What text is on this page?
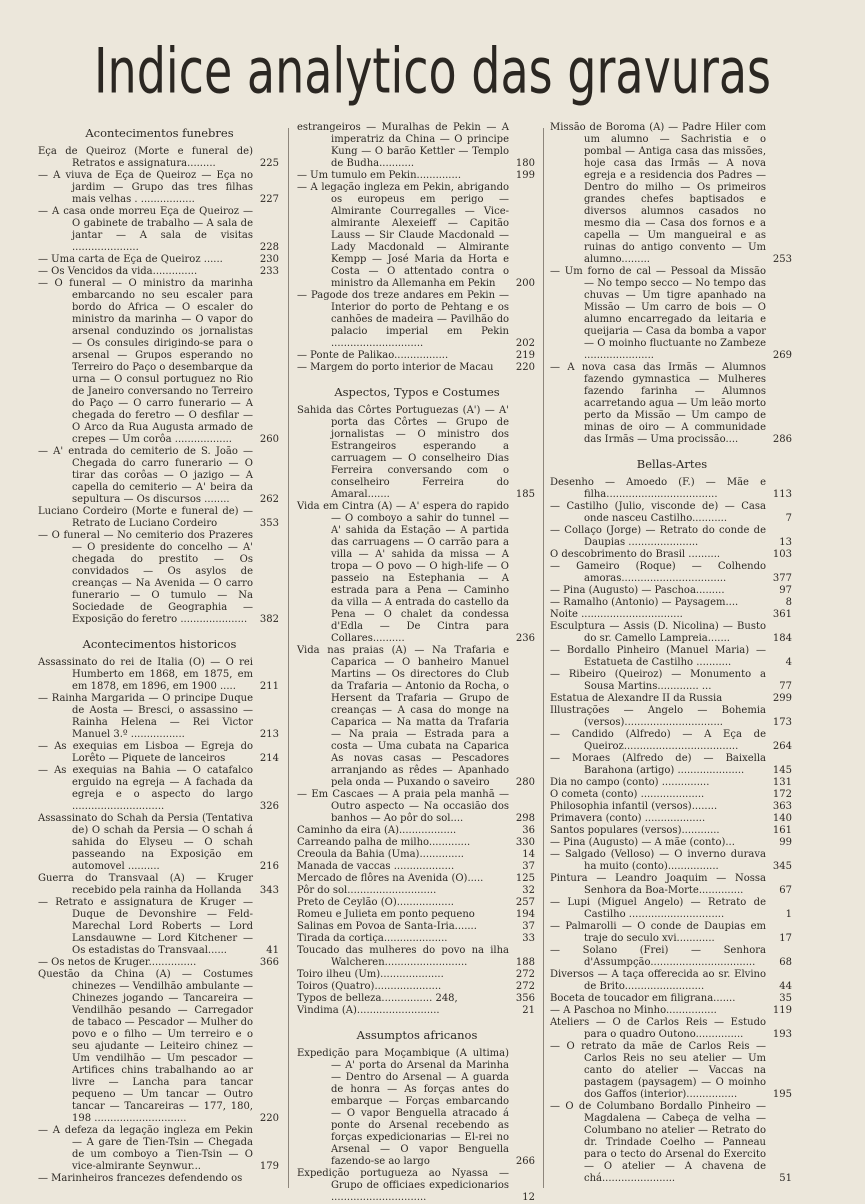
Indice analytico das gravuras
Acontecimentos funebres
Eça de Queiroz (Morte e funeral de) Retratos e assignatura.........	225
— A viuva de Eça de Queiroz — Eça no jardim — Grupo das tres filhas mais velhas . .................	227
— A casa onde morreu Eça de Queiroz — O gabinete de trabalho — A sala de jantar — A sala de visitas .....................	228
— Uma carta de Eça de Queiroz ......	230
— Os Vencidos da vida..............	233
— O funeral — O ministro da marinha embarcando no seu escaler para bordo do Africa — O escaler do ministro da marinha — O vapor do arsenal conduzindo os jornalistas — Os consules dirigindo-se para o arsenal — Grupos esperando no Terreiro do Paço o desembarque da urna — O consul portuguez no Rio de Janeiro conversando no Terreiro do Paço — O carro funerario — A chegada do feretro — O desfilar — O Arco da Rua Augusta armado de crepes — Um corôa ..................	260
— A' entrada do cemiterio de S. João — Chegada do carro funerario — O tirar das corôas — O jazigo — A capella do cemiterio — A' beira da sepultura — Os discursos ........	262
Luciano Cordeiro (Morte e funeral de) — Retrato de Luciano Cordeiro	353
— O funeral — No cemiterio dos Prazeres — O presidente do concelho — A' chegada do prestito — Os convidados — Os asylos de creanças — Na Avenida — O carro funerario — O tumulo — Na Sociedade de Geographia — Exposição do feretro .....................	382
Acontecimentos historicos
Assassinato do rei de Italia (O) — O rei Humberto em 1868, em 1875, em em 1878, em 1896, em 1900 .....	211
— Rainha Margarida — O principe Duque de Aosta — Bresci, o assassino — Rainha Helena — Rei Victor Manuel 3.º .................	213
— As exequias em Lisboa — Egreja do Lorêto — Piquete de lanceiros	214
— As exequias na Bahia — O catafalco erguido na egreja — A fachada da egreja e o aspecto do largo .............................	326
Assassinato do Schah da Persia (Tentativa de) O schah da Persia — O schah á sahida do Elyseu — O schah passeando na Exposição em automovel ..........	216
Guerra do Transvaal (A) — Kruger recebido pela rainha da Hollanda	343
— Retrato e assignatura de Kruger — Duque de Devonshire — Feld-Marechal Lord Roberts — Lord Lansdauwne — Lord Kitchener — Os estadistas do Transvaal......	41
— Os netos de Kruger...............	366
Questão da China (A) — Costumes chinezes — Vendilhão ambulante — Chinezes jogando — Tancareira — Vendilhão pesando — Carregador de tabaco — Pescador — Mulher do povo e o filho — Um terreiro e o seu ajudante — Leiteiro chinez — Um vendilhão — Um pescador — Artifices chins trabalhando ao ar livre — Lancha para tancar pequeno — Um tancar — Outro tancar — Tancareiras — 177, 180, 198 .............................	220
— A defeza da legação ingleza em Pekin — A gare de Tien-Tsin — Chegada de um comboyo a Tien-Tsin — O vice-almirante Seynwur...	179
— Marinheiros francezes defendendo os
estrangeiros — Muralhas de Pekin — A imperatriz da China — O principe Kung — O barão Kettler — Templo de Budha...........	180
— Um tumulo em Pekin..............	199
— A legação ingleza em Pekin, abrigando os europeus em perigo — Almirante Courregalles — Vice-almirante Alexeieff — Capitão Lauss — Sir Claude Macdonald — Lady Macdonald — Almirante Kempp — José Maria da Horta e Costa — O attentado contra o ministro da Allemanha em Pekin	200
— Pagode dos treze andares em Pekin — Interior do porto de Pehtang e os canhões de madeira — Pavilhão do palacio imperial em Pekin .............................	202
— Ponte de Palikao.................	219
— Margem do porto interior de Macau	220
Aspectos, Typos e Costumes
Sahida das Côrtes Portuguezas (A') — A' porta das Côrtes — Grupo de jornalistas — O ministro dos Estrangeiros esperando a carruagem — O conselheiro Dias Ferreira conversando com o conselheiro Ferreira do Amaral.......	185
Vida em Cintra (A) — A' espera do rapido — O comboyo a sahir do tunnel — A' sahida da Estação — A partida das carruagens — O carrão para a villa — A' sahida da missa — A tropa — O povo — O high-life — O passeio na Estephania — A estrada para a Pena — Caminho da villa — A entrada do castello da Pena — O chalet da condessa d'Edla — De Cintra para Collares..........	236
Vida nas praias (A) — Na Trafaria e Caparica — O banheiro Manuel Martins — Os directores do Club da Trafaria — Antonio da Rocha, o Hersent da Trafaria — Grupo de creanças — A casa do monge na Caparica — Na matta da Trafaria — Na praia — Estrada para a costa — Uma cubata na Caparica As novas casas — Pescadores arranjando as rêdes — Apanhado pela onda — Puxando o saveiro	280
— Em Cascaes — A praia pela manhã — Outro aspecto — Na occasião dos banhos — Ao pôr do sol....	298
Caminho da eira (A)..................	36
Carreando palha de milho.............	330
Creoula da Bahia (Uma)..............	14
Manada de vaccas ...................	37
Mercado de flôres na Avenida (O).....	125
Pôr do sol............................	32
Preto de Ceylão (O)..................	257
Romeu e Julieta em ponto pequeno	194
Salinas em Povoa de Santa-Iria.......	37
Tirada da cortiça....................	33
Toucado das mulheres do povo na ilha Walcheren..........................	188
Toiro ilheu (Um)....................	272
Toiros (Quatro).....................	272
Typos de belleza................ 248,	356
Vindima (A)..........................	21
Assumptos africanos
Expedição para Moçambique (A ultima) — A' porta do Arsenal da Marinha — Dentro do Arsenal — A guarda de honra — As forças antes do embarque — Forças embarcando — O vapor Benguella atracado á ponte do Arsenal recebendo as forças expedicionarias — El-rei no Arsenal — O vapor Benguella fazendo-se ao largo	266
Expedição portugueza ao Nyassa — Grupo de officiaes expedicionarios ..............................	12
Missão de Boroma (A) — Padre Hiler com um alumno — Sachristia e o pombal — Antiga casa das missões, hoje casa das Irmãs — A nova egreja e a residencia dos Padres — Dentro do milho — Os primeiros grandes chefes baptisados e diversos alumnos casados no mesmo dia — Casa dos fornos e a capella — Um mangueiral e as ruinas do antigo convento — Um alumno.........	253
— Um forno de cal — Pessoal da Missão — No tempo secco — No tempo das chuvas — Um tigre apanhado na Missão — Um carro de bois — O alumno encarregado da leitaria e queijaria — Casa da bomba a vapor — O moinho fluctuante no Zambeze ......................	269
— A nova casa das Irmãs — Alumnos fazendo gymnastica — Mulheres fazendo farinha — Alumnos acarretando agua — Um leão morto perto da Missão — Um campo de minas de oiro — A communidade das Irmãs — Uma procissão....	286
Bellas-Artes
Desenho — Amoedo (F.) — Mãe e filha...................................	113
— Castilho (Julio, visconde de) — Casa onde nasceu Castilho...........	7
— Collaço (Jorge) — Retrato do conde de Daupias ......................	13
O descobrimento do Brasil ..........	103
— Gameiro (Roque) — Colhendo amoras.................................	377
— Pina (Augusto) — Paschoa.........	97
— Ramalho (Antonio) — Paysagem....	8
Noite ................................	361
Esculptura — Assis (D. Nicolina) — Busto do sr. Camello Lampreia.......	184
— Bordallo Pinheiro (Manuel Maria) — Estatueta de Castilho ...........	4
— Ribeiro (Queiroz) — Monumento a Sousa Martins............. ...	77
Estatua de Alexandre II da Russia	299
Illustrações — Angelo — Bohemia (versos)...............................	173
— Candido (Alfredo) — A Eça de Queiroz....................................	264
— Moraes (Alfredo de) — Baixella Barahona (artigo) .....................	145
Dia no campo (conto) ...............	131
O cometa (conto) ....................	172
Philosophia infantil (versos)........	363
Primavera (conto) ...................	140
Santos populares (versos)............	161
— Pina (Augusto) — A mãe (conto)...	99
— Salgado (Velloso) — O inverno durava ha muito (conto)................	345
Pintura — Leandro Joaquim — Nossa Senhora da Boa-Morte..............	67
— Lupi (Miguel Angelo) — Retrato de Castilho ..............................	1
— Palmarolli — O conde de Daupias em traje do seculo xvi............	17
— Solano (Frei) — Senhora d'Assumpção.................................	68
Diversos — A taça offerecida ao sr. Elvino de Brito.........................	44
Boceta de toucador em filigrana.......	35
— A Paschoa no Minho................	119
Ateliers — O de Carlos Reis — Estudo para o quadro Outono...............	193
— O retrato da mãe de Carlos Reis — Carlos Reis no seu atelier — Um canto do atelier — Vaccas na pastagem (paysagem) — O moinho dos Gaffos (interior)................	195
— O de Columbano Bordallo Pinheiro — Magdalena — Cabeça de velha — Columbano no atelier — Retrato do dr. Trindade Coelho — Panneau para o tecto do Arsenal do Exercito — O atelier — A chavena de chá.......................	51
